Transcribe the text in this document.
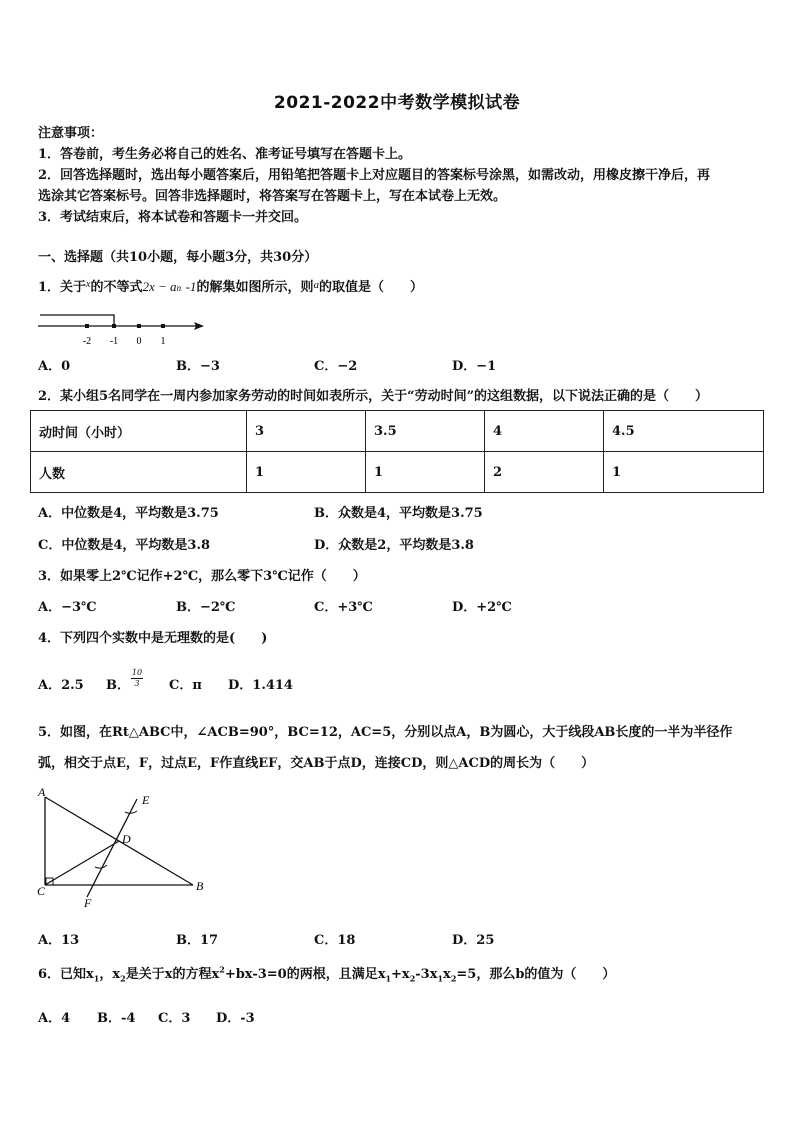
2021-2022中考数学模拟试卷
注意事项：
1．答卷前，考生务必将自己的姓名、准考证号填写在答题卡上。
2．回答选择题时，选出每小题答案后，用铅笔把答题卡上对应题目的答案标号涂黑，如需改动，用橡皮擦干净后，再
选涂其它答案标号。回答非选择题时，将答案写在答题卡上，写在本试卷上无效。
3．考试结束后，将本试卷和答题卡一并交回。
一、选择题（共10小题，每小题3分，共30分）
1．关于$^x$的不等式2x − an -1的解集如图所示，则$^a$的取值是（　　）
-2 -1 0 1
A．0	B．−3	C．−2	D．−1
2．某小组5名同学在一周内参加家务劳动的时间如表所示，关于“劳动时间”的这组数据，以下说法正确的是（　　）
动时间（小时）	3	3.5	4	4.5
人数	1	1	2	1
A．中位数是4，平均数是3.75	B．众数是4，平均数是3.75
C．中位数是4，平均数是3.8	D．众数是2，平均数是3.8
3．如果零上2℃记作+2℃，那么零下3℃记作（　　）
A．−3℃	B．−2℃	C．+3℃	D．+2℃
4．下列四个实数中是无理数的是(　　)
A．2.5 B． $\frac{10}{3}$ C．π D．1.414
5．如图，在Rt△ABC中，∠ACB=90°，BC=12，AC=5，分别以点A，B为圆心，大于线段AB长度的一半为半径作
弧，相交于点E，F，过点E，F作直线EF，交AB于点D，连接CD，则△ACD的周长为（　　）
A
B
C
D
E
F
A．13	B．17	C．18	D．25
6．已知$x_1$，$x_2$是关于x的方程$x^2+bx-3=0$的两根，且满足$x_1+x_2-3x_1x_2=5$，那么b的值为（　　）
A．4 B．-4 C．3 D．-3
